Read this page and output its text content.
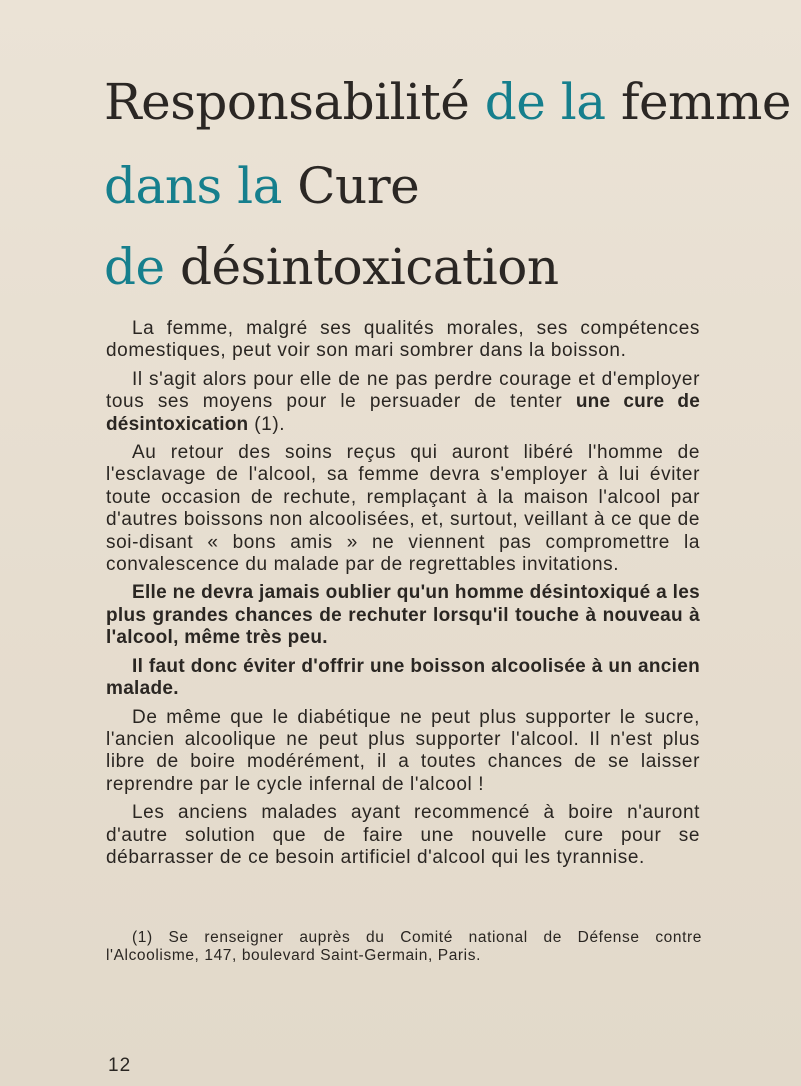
Responsabilité de la femme
dans la Cure
de désintoxication

La femme, malgré ses qualités morales, ses compétences domestiques, peut voir son mari sombrer dans la boisson.

Il s'agit alors pour elle de ne pas perdre courage et d'employer tous ses moyens pour le persuader de tenter une cure de désintoxication (1).

Au retour des soins reçus qui auront libéré l'homme de l'esclavage de l'alcool, sa femme devra s'employer à lui éviter toute occasion de rechute, remplaçant à la maison l'alcool par d'autres boissons non alcoolisées, et, surtout, veillant à ce que de soi-disant « bons amis » ne viennent pas compromettre la convalescence du malade par de regrettables invitations.

Elle ne devra jamais oublier qu'un homme désintoxiqué a les plus grandes chances de rechuter lorsqu'il touche à nouveau à l'alcool, même très peu.

Il faut donc éviter d'offrir une boisson alcoolisée à un ancien malade.

De même que le diabétique ne peut plus supporter le sucre, l'ancien alcoolique ne peut plus supporter l'alcool. Il n'est plus libre de boire modérément, il a toutes chances de se laisser reprendre par le cycle infernal de l'alcool !

Les anciens malades ayant recommencé à boire n'auront d'autre solution que de faire une nouvelle cure pour se débarrasser de ce besoin artificiel d'alcool qui les tyrannise.

(1) Se renseigner auprès du Comité national de Défense contre l'Alcoolisme, 147, boulevard Saint-Germain, Paris.

12
